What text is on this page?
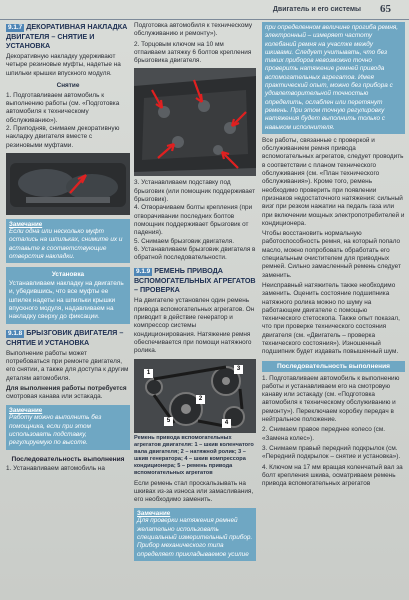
Двигатель и его системы 65
9.1.7 ДЕКОРАТИВНАЯ НАКЛАДКА ДВИГАТЕЛЯ – СНЯТИЕ И УСТАНОВКА

Декоративную накладку удерживают четыре резиновые муфты, надетые на шпильки крышки впускного модуля.

Снятие

1. Подготавливаем автомобиль к выполнению работы (см. «Подготовка автомобиля к техническому обслуживанию»).

2. Приподняв, снимаем декоративную накладку двигателя вместе с резиновыми муфтами.

Замечание
Если одна или несколько муфт остались на шпильках, снимите их и вставьте в соответствующие отверстия накладки.
Установка

Устанавливаем накладку на двигатель и, убедившись, что все муфты ее шпилек надеты на шпильки крышки впускного модуля, надавливаем на накладку сверху до фиксации.

9.1.8 БРЫЗГОВИК ДВИГАТЕЛЯ – СНЯТИЕ И УСТАНОВКА

Выполнение работы может потребоваться при ремонте двигателя, его снятии, а также для доступа к другим деталям автомобиля.

Для выполнения работы потребуется смотровая канава или эстакада.

Замечание
Работу можно выполнить без помощника, если при этом использовать подставку, регулируемую по высоте.
Последовательность выполнения

1. Устанавливаем автомобиль на

Подготовка автомобиля к техническому обслуживанию и ремонту»).

2. Торцовым ключом на 10 мм отпаиваем затяжку 6 болтов крепления брызговика двигателя.

3. Устанавливаем подставку под брызговик (или помощник поддерживает брызговик).

4. Отворачиваем болты крепления (при отворачивании последних болтов помощник поддерживает брызговик от падения).

5. Снимаем брызговик двигателя.

6. Устанавливаем брызговик двигателя в обратной последовательности.

9.1.9 РЕМЕНЬ ПРИВОДА ВСПОМОГАТЕЛЬНЫХ АГРЕГАТОВ – ПРОВЕРКА

На двигателе установлен один ремень привода вспомогательных агрегатов. Он приводит в действие генератор и компрессор системы кондиционирования. Натяжение ремня обеспечивается при помощи натяжного ролика.

1
2
3
4
5

Ремень привода вспомогательных агрегатов двигателя: 1 – шкив коленчатого вала двигателя; 2 – натяжной ролик; 3 – шкив генератора; 4 – шкив компрессора кондиционера; 5 – ремень привода вспомогательных агрегатов

Если ремень стал проскальзывать на шкивах из-за износа или замасливания, его необходимо заменить.

Замечание
Для проверки натяжения ремней желательно использовать специальный измерительный прибор. Прибор механического типа определяет прикладываемое усилие
при определенном величине прогиба ремня, электронный – измеряет частоту колебаний ремня на участке между шкивами. Следует учитывать, что без таких приборов невозможно точно проверить натяжение ремней привода вспомогательных агрегатов. Имея практический опыт, можно без прибора с удовлетворительной точностью определить, ослаблен или перетянут ремень. При этом точную регулировку натяжения будет выполнить только с навыком исполнителя.

Все работы, связанные с проверкой и обслуживанием ремня привода вспомогательных агрегатов, следует проводить в соответствии с планом технического обслуживания (см. «План технического обслуживания»). Кроме того, ремень необходимо проверить при появлении признаков недостаточного натяжения: сильный визг при резком нажатии на педаль газа или при включении мощных электропотребителей и кондиционера.

Чтобы восстановить нормальную работоспособность ремня, на который попало масло, можно попробовать обработать его специальным очистителем для приводных ремней. Сильно замасленный ремень следует заменить.

Неисправный натяжитель также необходимо заменить. Оценить состояние подшипника натяжного ролика можно по шуму на работающем двигателе с помощью технического стетоскопа. Также опыт показал, что при проверке технического состояния двигателя (см. «Двигатель – проверка технического состояния»). Изношенный подшипник будет издавать повышенный шум.

Последовательность выполнения

1. Подготавливаем автомобиль к выполнению работы и устанавливаем его на смотровую канаву или эстакаду (см. «Подготовка автомобиля к техническому обслуживанию и ремонту»). Переключаем коробку передач в нейтральное положение.

2. Снимаем правое переднее колесо (см. «Замена колес»).

3. Снимаем правый передний подкрылок (см. «Передний подкрылок – снятие и установка»).

4. Ключом на 17 мм вращая коленчатый вал за болт крепления шкива, осматриваем ремень привода вспомогательных агрегатов
